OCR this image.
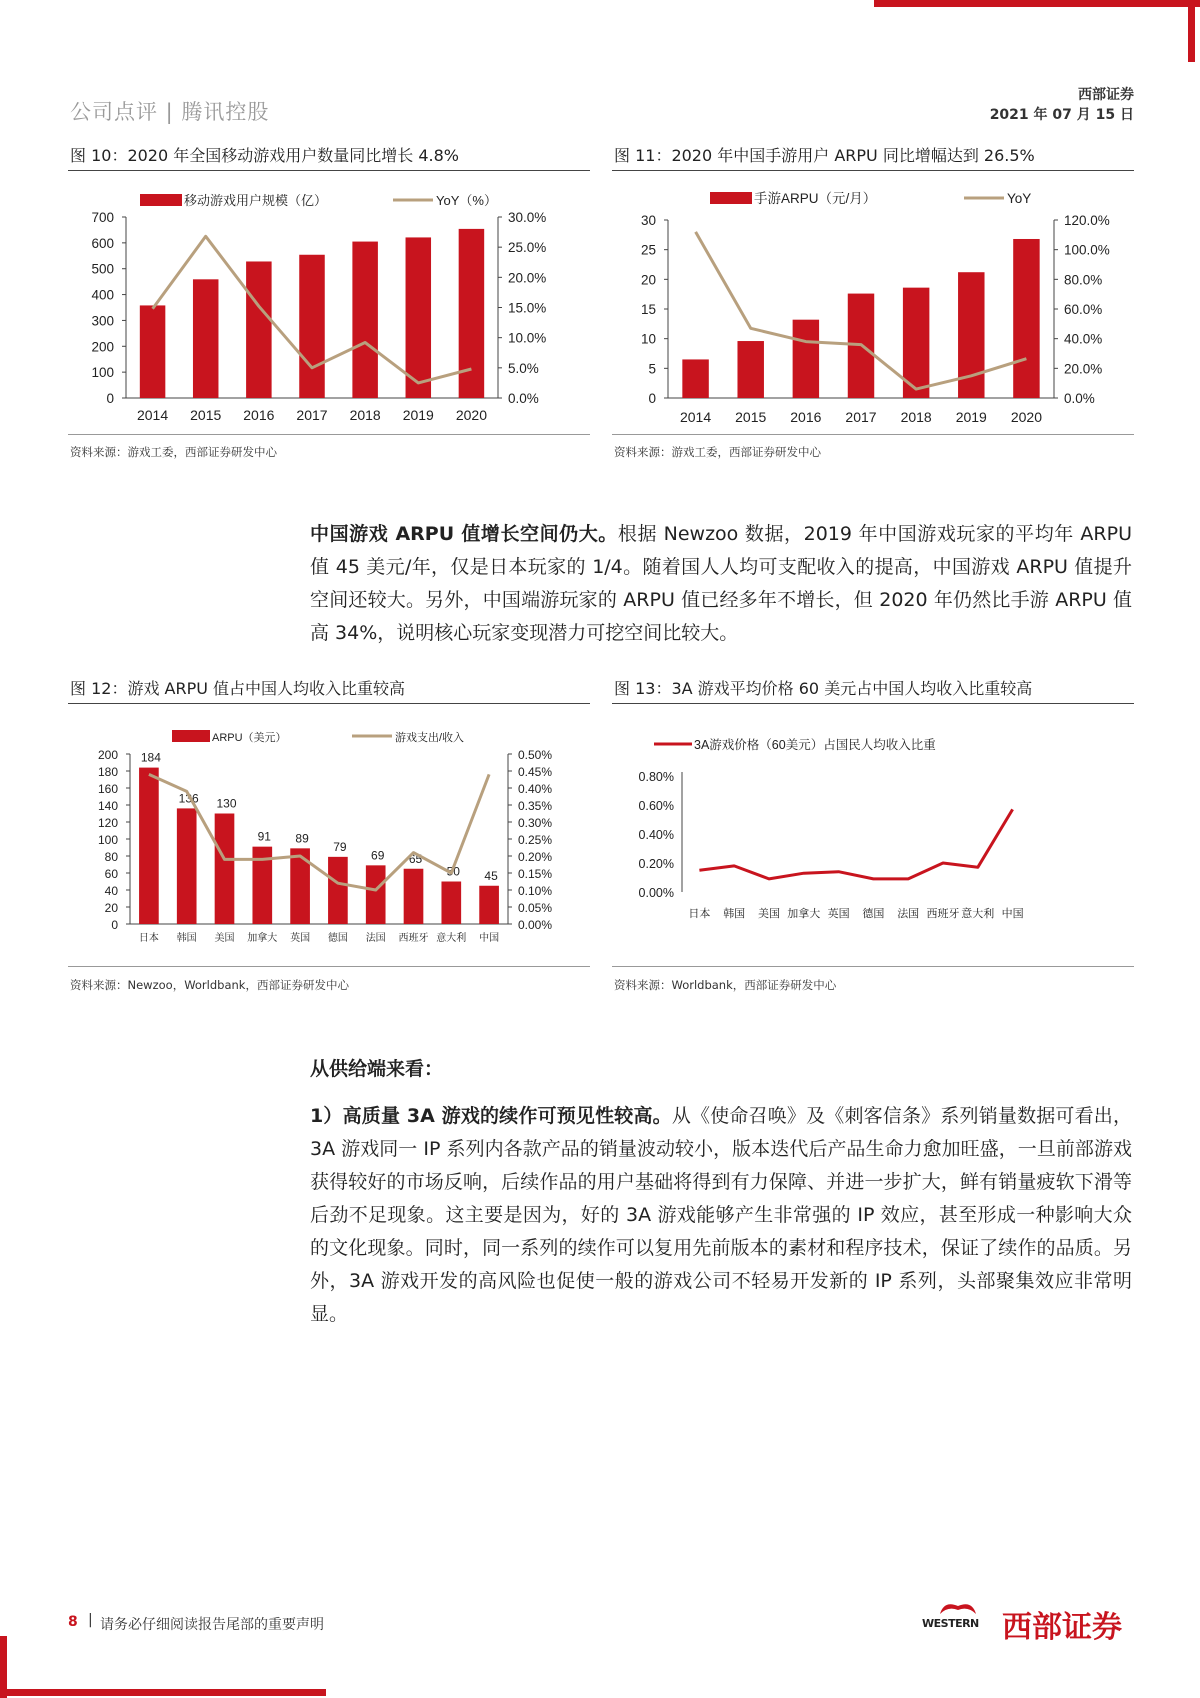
公司点评 | 腾讯控股
西部证券
2021 年 07 月 15 日
图 10：2020 年全国移动游戏用户数量同比增长 4.8%
移动游戏用户规模（亿）	YoY（%）
0
100
200
300
400
500
600
700
0.0%
5.0%
10.0%
15.0%
20.0%
25.0%
30.0%
2014 2015 2016 2017 2018 2019 2020
资料来源：游戏工委，西部证券研发中心
图 11：2020 年中国手游用户 ARPU 同比增幅达到 26.5%
手游ARPU（元/月）	YoY
0
5
10
15
20
25
30
0.0%
20.0%
40.0%
60.0%
80.0%
100.0%
120.0%
2014 2015 2016 2017 2018 2019 2020
资料来源：游戏工委，西部证券研发中心
中国游戏 ARPU 值增长空间仍大。根据 Newzoo 数据，2019 年中国游戏玩家的平均年 ARPU 值 45 美元/年，仅是日本玩家的 1/4。随着国人人均可支配收入的提高，中国游戏 ARPU 值提升空间还较大。另外，中国端游玩家的 ARPU 值已经多年不增长，但 2020 年仍然比手游 ARPU 值高 34%，说明核心玩家变现潜力可挖空间比较大。
图 12：游戏 ARPU 值占中国人均收入比重较高
ARPU（美元）	游戏支出/收入
0
20
40
60
80
100
120
140
160
180
200
0.00%
0.05%
0.10%
0.15%
0.20%
0.25%
0.30%
0.35%
0.40%
0.45%
0.50%
日本
184
韩国
136
美国
130
加拿大
91
英国
89
德国
79
法国
69
西班牙
65
意大利
50
中国
45
资料来源：Newzoo，Worldbank，西部证券研发中心
图 13：3A 游戏平均价格 60 美元占中国人均收入比重较高
3A游戏价格（60美元）占国民人均收入比重
0.00%
0.20%
0.40%
0.60%
0.80%
日本 韩国 美国 加拿大 英国 德国 法国 西班牙 意大利 中国
资料来源：Worldbank，西部证券研发中心
从供给端来看：
1）高质量 3A 游戏的续作可预见性较高。从《使命召唤》及《刺客信条》系列销量数据可看出，3A 游戏同一 IP 系列内各款产品的销量波动较小，版本迭代后产品生命力愈加旺盛，一旦前部游戏获得较好的市场反响，后续作品的用户基础将得到有力保障、并进一步扩大，鲜有销量疲软下滑等后劲不足现象。这主要是因为，好的 3A 游戏能够产生非常强的 IP 效应，甚至形成一种影响大众的文化现象。同时，同一系列的续作可以复用先前版本的素材和程序技术，保证了续作的品质。另外，3A 游戏开发的高风险也促使一般的游戏公司不轻易开发新的 IP 系列，头部聚集效应非常明显。
8 | 请务必仔细阅读报告尾部的重要声明	WESTERN 西部证券
